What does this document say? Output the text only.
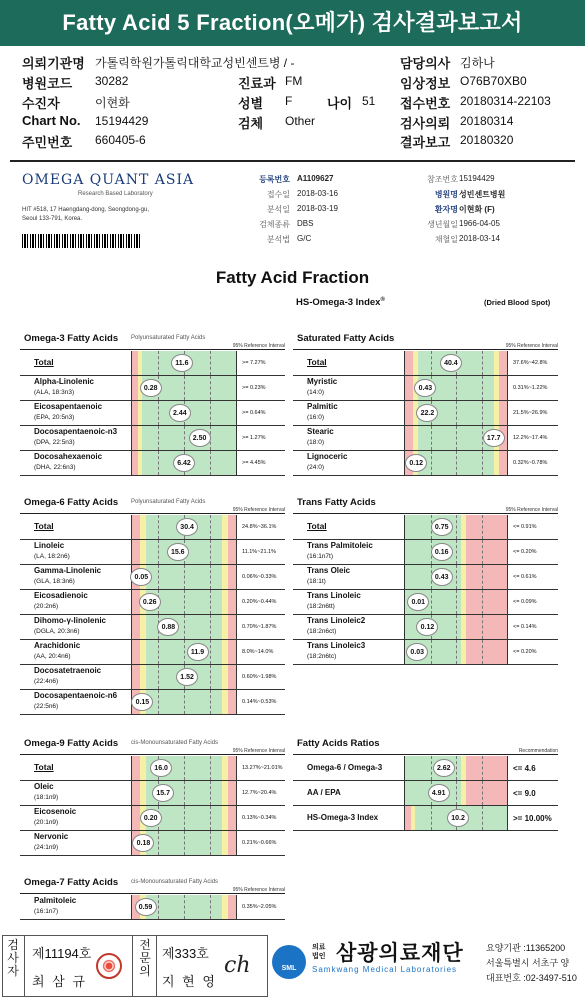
Fatty Acid 5 Fraction(오메가) 검사결과보고서
의뢰기관명 가톨릭학원가톨릭대학교성빈센트병 / -	담당의사 김하나
병원코드 30282	진료과 FM	임상정보 O76B70XB0
수진자	이현화	성별 F	나이 51 접수번호 20180314-22103
Chart No. 15194429	검체 Other	검사의뢰 20180314
주민번호 660405-6	결과보고 20180320
OMEGA QUANT ASIA
Research Based Laboratory
HIT #518, 17 Haengdang-dong, Seongdong-gu,
Seoul 133-791, Korea.
등록번호 A1109627
접수일 2018-03-16
분석일 2018-03-19
검체종류 DBS
분석법 G/C
참조번호 15194429
병원명 성빈센트병원
환자명 이현화 (F)
생년월일 1966-04-05
채혈일 2018-03-14
Fatty Acid Fraction
HS-Omega-3 Index®	(Dried Blood Spot)
Omega-3 Fatty Acids Polyunsaturated Fatty Acids
95% Reference Interval
Total	11.6	>= 7.27%
Alpha-Linolenic
(ALA, 18:3n3)
0.28	>= 0.23%
Eicosapentaenoic
(EPA, 20:5n3)
2.44	>= 0.64%
Docosapentaenoic-n3
(DPA, 22:5n3)
2.50	>= 1.27%
Docosahexaenoic
(DHA, 22:6n3)
6.42	>= 4.45%
Saturated Fatty Acids
95% Reference Interval
Total	40.4	37.6%~42.8%
Myristic
(14:0)
0.43	0.31%~1.22%
Palmitic
(16:0)
22.2	21.5%~26.9%
Stearic
(18:0)
17.7	12.2%~17.4%
Lignoceric
(24:0)
0.12	0.32%~0.78%
Omega-6 Fatty Acids Polyunsaturated Fatty Acids
95% Reference Interval
Total	30.4	24.8%~36.1%
Linoleic
(LA, 18:2n6)
15.6	11.1%~21.1%
Gamma-Linolenic
(GLA, 18:3n6)
0.05	0.06%~0.33%
Eicosadienoic
(20:2n6)
0.26	0.20%~0.44%
Dihomo-γ-linolenic
(DGLA, 20:3n6)
0.88	0.70%~1.87%
Arachidonic
(AA, 20:4n6)
11.9	8.0%~14.0%
Docosatetraenoic
(22:4n6)
1.52	0.60%~1.98%
Docosapentaenoic-n6
(22:5n6)
0.15	0.14%~0.53%
Trans Fatty Acids
95% Reference Interval
Total	0.75	<= 0.91%
Trans Palmitoleic
(16:1n7t)
0.16	<= 0.20%
Trans Oleic
(18:1t)
0.43	<= 0.61%
Trans Linoleic
(18:2n6tt)
0.01	<= 0.09%
Trans Linoleic2
(18:2n6ct)
0.12	<= 0.14%
Trans Linoleic3
(18:2n6tc)
0.03	<= 0.20%
Omega-9 Fatty Acids cis-Monounsaturated Fatty Acids
95% Reference Interval
Total	16.0	13.27%~21.01%
Oleic
(18:1n9)
15.7	12.7%~20.4%
Eicosenoic
(20:1n9)
0.20	0.13%~0.34%
Nervonic
(24:1n9)
0.18	0.21%~0.66%
Fatty Acids Ratios
Recommendation
Omega-6 / Omega-3	2.62	<= 4.6
AA / EPA	4.91	<= 9.0
HS-Omega-3 Index	10.2	>= 10.00%
Omega-7 Fatty Acids cis-Monounsaturated Fatty Acids
95% Reference Interval
Palmitoleic
(16:1n7)
0.59	0.35%~2.05%
검
사
자
제11194호
최 삼 규
전
문
의
제333호
지 현 영
ch	SML
의료
법인 삼광의료재단
Samkwang Medical Laboratories
요양기관 :11365200
서울특별시 서초구 양
대표번호 :02-3497-510
